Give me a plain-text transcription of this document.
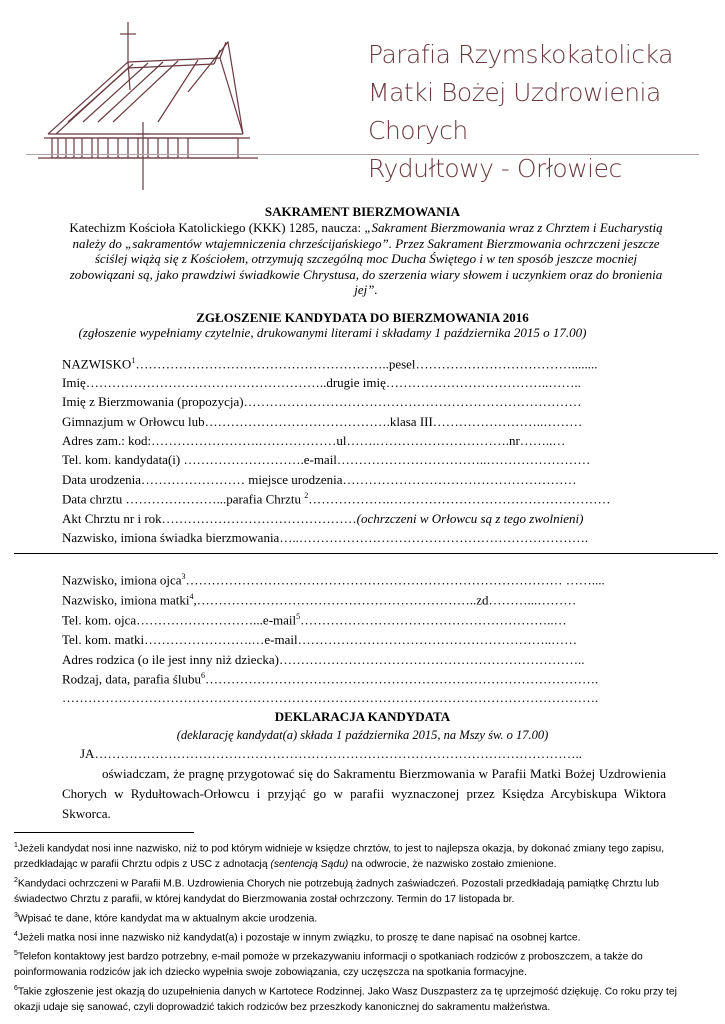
Parafia Rzymskokatolicka
Matki Bożej Uzdrowienia Chorych
Rydułtowy - Orłowiec
SAKRAMENT BIERZMOWANIA
Katechizm Kościoła Katolickiego (KKK) 1285, naucza: „Sakrament Bierzmowania wraz z Chrztem i Eucharystią należy do „sakramentów wtajemniczenia chrześcijańskiego”. Przez Sakrament Bierzmowania ochrzczeni jeszcze ściślej wiążą się z Kościołem, otrzymują szczególną moc Ducha Świętego i w ten sposób jeszcze mocniej zobowiązani są, jako prawdziwi świadkowie Chrystusa, do szerzenia wiary słowem i uczynkiem oraz do bronienia jej”.
ZGŁOSZENIE KANDYDATA DO BIERZMOWANIA 2016
(zgłoszenie wypełniamy czytelnie, drukowanymi literami i składamy 1 października 2015 o 17.00)
NAZWISKO$^1$…………………………………………………..pesel………………………………........
Imię………………………………………………..drugie imię………………………………..……..
Imię z Bierzmowania (propozycja)……………………………………………………………………
Gimnazjum w Orłowcu lub…………………………………….klasa III……………………..………
Adres zam.: kod:…………………….………………ul…….………………………….nr……..…
Tel. kom. kandydata(i) ……………………….e-mail……………………………..……………………
Data urodzenia…………………… miejsce urodzenia………………………………………………
Data chrztu …………………...parafia Chrztu $^2$……………….……………………………………………
Akt Chrztu nr i rok………………………………………(ochrzczeni w Orłowcu są z tego zwolnieni)
Nazwisko, imiona świadka bierzmowania…..………………………………………………………….
Nazwisko, imiona ojca$^3$…………………………………………………………………………… ……....
Nazwisko, imiona matki$^4$,………………………………………………………..zd………...………
Tel. kom. ojca………………………...e-mail$^5$…………………………………………………..…
Tel. kom. matki…………………….…e-mail…………………………………………………..……
Adres rodzica (o ile jest inny niż dziecka)……………………………………………………………..
Rodzaj, data, parafia ślubu$^6$……………………………………………………………………………….
…………………………………………………………………………………………………………….
DEKLARACJA KANDYDATA
(deklarację kandydat(a) składa 1 października 2015, na Mszy św. o 17.00)
JA…………………………………………………………………………………………………..
oświadczam, że pragnę przygotować się do Sakramentu Bierzmowania w Parafii Matki Bożej Uzdrowienia Chorych w Rydułtowach-Orłowcu i przyjąć go w parafii wyznaczonej przez Księdza Arcybiskupa Wiktora Skworca.
$^1$Jeżeli kandydat nosi inne nazwisko, niż to pod którym widnieje w księdze chrztów, to jest to najlepsza okazja, by dokonać zmiany tego zapisu, przedkładając w parafii Chrztu odpis z USC z adnotacją (sentencją Sądu) na odwrocie, że nazwisko zostało zmienione.
$^2$Kandydaci ochrzczeni w Parafii M.B. Uzdrowienia Chorych nie potrzebują żadnych zaświadczeń. Pozostali przedkładają pamiątkę Chrztu lub świadectwo Chrztu z parafii, w której kandydat do Bierzmowania został ochrzczony. Termin do 17 listopada br.
$^3$Wpisać te dane, które kandydat ma w aktualnym akcie urodzenia.
$^4$Jeżeli matka nosi inne nazwisko niż kandydat(a) i pozostaje w innym związku, to proszę te dane napisać na osobnej kartce.
$^5$Telefon kontaktowy jest bardzo potrzebny, e-mail pomoże w przekazywaniu informacji o spotkaniach rodziców z proboszczem, a także do poinformowania rodziców jak ich dziecko wypełnia swoje zobowiązania, czy uczęszcza na spotkania formacyjne.
$^6$Takie zgłoszenie jest okazją do uzupełnienia danych w Kartotece Rodzinnej. Jako Wasz Duszpasterz za tę uprzejmość dziękuję. Co roku przy tej okazji udaje się sanować, czyli doprowadzić takich rodziców bez przeszkody kanonicznej do sakramentu małżeństwa.
